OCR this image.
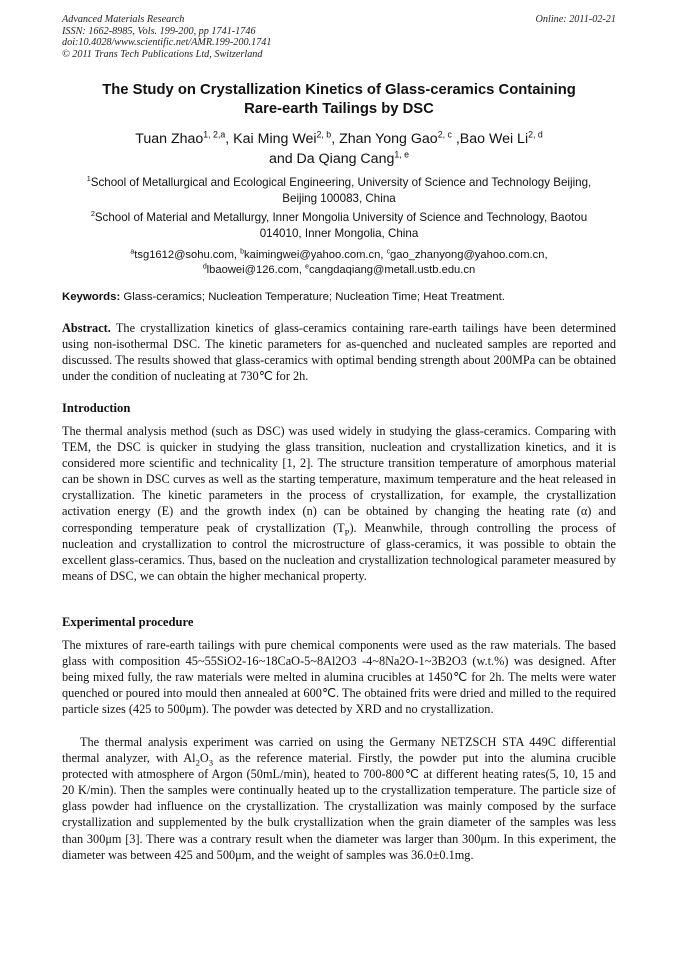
Advanced Materials Research
ISSN: 1662-8985, Vols. 199-200, pp 1741-1746
doi:10.4028/www.scientific.net/AMR.199-200.1741
© 2011 Trans Tech Publications Ltd, Switzerland
Online: 2011-02-21
The Study on Crystallization Kinetics of Glass-ceramics Containing
Rare-earth Tailings by DSC
Tuan Zhao$^{1, 2,a}$, Kai Ming Wei$^{2, b}$, Zhan Yong Gao$^{2, c}$ ,Bao Wei Li$^{2, d}$
and Da Qiang Cang$^{1, e}$
$^1$School of Metallurgical and Ecological Engineering, University of Science and Technology Beijing,
Beijing 100083, China
$^2$School of Material and Metallurgy, Inner Mongolia University of Science and Technology, Baotou
014010, Inner Mongolia, China
$^a$tsg1612@sohu.com, $^b$kaimingwei@yahoo.com.cn, $^c$gao_zhanyong@yahoo.com.cn,
$^d$lbaowei@126.com, $^e$cangdaqiang@metall.ustb.edu.cn
Keywords: Glass-ceramics; Nucleation Temperature; Nucleation Time; Heat Treatment.
Abstract. The crystallization kinetics of glass-ceramics containing rare-earth tailings have been determined using non-isothermal DSC. The kinetic parameters for as-quenched and nucleated samples are reported and discussed. The results showed that glass-ceramics with optimal bending strength about 200MPa can be obtained under the condition of nucleating at 730℃ for 2h.
Introduction
The thermal analysis method (such as DSC) was used widely in studying the glass-ceramics. Comparing with TEM, the DSC is quicker in studying the glass transition, nucleation and crystallization kinetics, and it is considered more scientific and technicality [1, 2]. The structure transition temperature of amorphous material can be shown in DSC curves as well as the starting temperature, maximum temperature and the heat released in crystallization. The kinetic parameters in the process of crystallization, for example, the crystallization activation energy (E) and the growth index (n) can be obtained by changing the heating rate (α) and corresponding temperature peak of crystallization $(T_P)$. Meanwhile, through controlling the process of nucleation and crystallization to control the microstructure of glass-ceramics, it was possible to obtain the excellent glass-ceramics. Thus, based on the nucleation and crystallization technological parameter measured by means of DSC, we can obtain the higher mechanical property.
Experimental procedure
The mixtures of rare-earth tailings with pure chemical components were used as the raw materials. The based glass with composition 45~55SiO2-16~18CaO-5~8Al2O3 -4~8Na2O-1~3B2O3 (w.t.%) was designed. After being mixed fully, the raw materials were melted in alumina crucibles at 1450℃ for 2h. The melts were water quenched or poured into mould then annealed at 600℃. The obtained frits were dried and milled to the required particle sizes (425 to 500μm). The powder was detected by XRD and no crystallization.
The thermal analysis experiment was carried on using the Germany NETZSCH STA 449C differential thermal analyzer, with $Al_2O_3$ as the reference material. Firstly, the powder put into the alumina crucible protected with atmosphere of Argon (50mL/min), heated to 700-800℃ at different heating rates(5, 10, 15 and 20 K/min). Then the samples were continually heated up to the crystallization temperature. The particle size of glass powder had influence on the crystallization. The crystallization was mainly composed by the surface crystallization and supplemented by the bulk crystallization when the grain diameter of the samples was less than 300μm [3]. There was a contrary result when the diameter was larger than 300μm. In this experiment, the diameter was between 425 and 500μm, and the weight of samples was 36.0±0.1mg.
